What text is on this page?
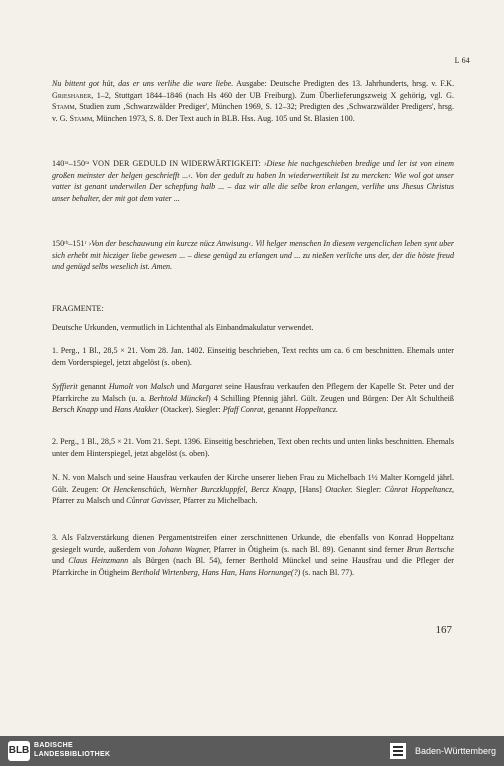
L 64

Nu bittent got hüt, das er uns verlihe die ware liebe. Ausgabe: Deutsche Predigten des 13. Jahrhunderts, hrsg. v. F.K. Grieshaber, 1–2, Stuttgart 1844–1846 (nach Hs 460 der UB Freiburg). Zum Überlieferungszweig X gehörig, vgl. G. Stamm, Studien zum ‚Schwarzwälder Prediger', München 1969, S. 12–32; Predigten des ‚Schwarzwälder Predigers', hrsg. v. G. Stamm, München 1973, S. 8. Der Text auch in BLB. Hss. Aug. 105 und St. Blasien 100.

140ʳᵃ–150ʳᵃ VON DER GEDULD IN WIDERWÄRTIGKEIT: ›Diese hie nachgeschieben bredige und ler ist von einem großen meinster der helgen geschriefft ...‹. Von der gedult zu haben In wiederwertikeit Ist zu mercken: Wie wol got unser vatter ist genant underwilen Der schepfung halb ... – daz wir alle die selbe kron erlangen, verlihe uns Jhesus Christus unser behalter, der mit got dem vater ...

150ʳᵇ–151ʳ ›Von der beschauwung ein kurcze nücz Anwisung‹. Vil helger menschen In diesem vergenclichen leben synt uber sich erhebt mit hicziger liebe gewesen ... – diese genügd zu erlangen und ... zu nießen verliche uns der, der die höste freud und genügd selbs weselich ist. Amen.

FRAGMENTE:
Deutsche Urkunden, vermutlich in Lichtenthal als Einbandmakulatur verwendet.
1. Perg., 1 Bl., 28,5 × 21. Vom 28. Jan. 1402. Einseitig beschrieben, Text rechts um ca. 6 cm beschnitten. Ehemals unter dem Vorderspiegel, jetzt abgelöst (s. oben).

Syffierit genannt Humolt von Malsch und Margaret seine Hausfrau verkaufen den Pflegern der Kapelle St. Peter und der Pfarrkirche zu Malsch (u. a. Berhtold Münckel) 4 Schilling Pfennig jährl. Gült. Zeugen und Bürgen: Der Alt Schultheiß Bersch Knapp und Hans Atakker (Otacker). Siegler: Pfaff Conrat, genannt Hoppeltancz.

2. Perg., 1 Bl., 28,5 × 21. Vom 21. Sept. 1396. Einseitig beschrieben, Text oben rechts und unten links beschnitten. Ehemals unter dem Hinterspiegel, jetzt abgelöst (s. oben).

N. N. von Malsch und seine Hausfrau verkaufen der Kirche unserer lieben Frau zu Michelbach 1½ Malter Korngeld jährl. Gült. Zeugen: Ot Henckenschüch, Wernher Burczkluppfel, Bercz Knapp, [Hans] Otacker. Siegler: Cůnrat Hoppeltancz, Pfarrer zu Malsch und Cůnrat Gavisser, Pfarrer zu Michelbach.

3. Als Falzverstärkung dienen Pergamentstreifen einer zerschnittenen Urkunde, die ebenfalls von Konrad Hoppeltanz gesiegelt wurde, außerdem von Johann Wagner, Pfarrer in Ötigheim (s. nach Bl. 89). Genannt sind ferner Brun Bertsche und Claus Heinzmann als Bürgen (nach Bl. 54), ferner Berthold Münckel und seine Hausfrau und die Pfleger der Pfarrkirche in Ötigheim Berthold Wirtenberg, Hans Han, Hans Hornunge(?) (s. nach Bl. 77).

167
BLB BADISCHE
LANDESBIBLIOTHEK	Baden-Württemberg
